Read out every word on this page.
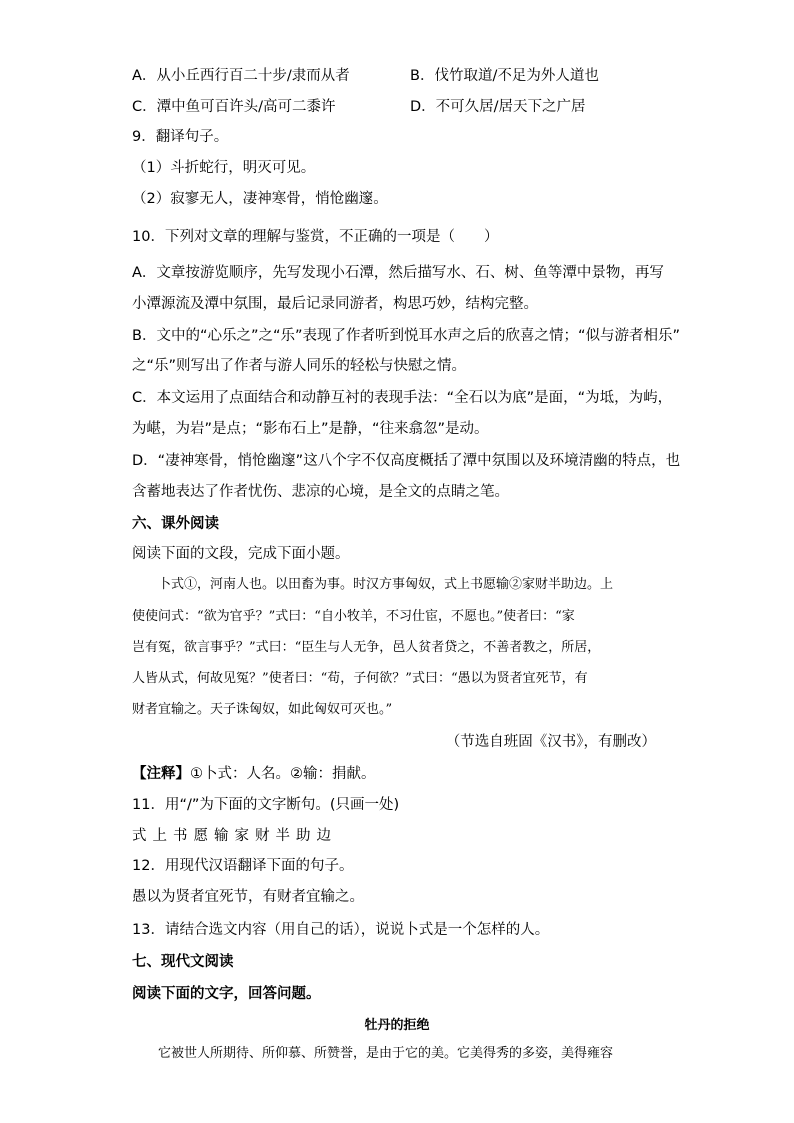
A．从小丘西行百二十步/隶而从者	B．伐竹取道/不足为外人道也
C．潭中鱼可百许头/高可二黍许	D．不可久居/居天下之广居
9．翻译句子。
（1）斗折蛇行，明灭可见。
（2）寂寥无人，凄神寒骨，悄怆幽邃。
10．下列对文章的理解与鉴赏，不正确的一项是（　　）
A．文章按游览顺序，先写发现小石潭，然后描写水、石、树、鱼等潭中景物，再写
小潭源流及潭中氛围，最后记录同游者，构思巧妙，结构完整。
B．文中的“心乐之”之“乐”表现了作者听到悦耳水声之后的欣喜之情；“似与游者相乐”
之“乐”则写出了作者与游人同乐的轻松与快慰之情。
C．本文运用了点面结合和动静互衬的表现手法：“全石以为底”是面，“为坻，为屿，
为嵁，为岩”是点；“影布石上”是静，“往来翕忽”是动。
D．“凄神寒骨，悄怆幽邃”这八个字不仅高度概括了潭中氛围以及环境清幽的特点，也
含蓄地表达了作者忧伤、悲凉的心境，是全文的点睛之笔。
六、课外阅读
阅读下面的文段，完成下面小题。
　　卜式①，河南人也。以田畜为事。时汉方事匈奴，式上书愿输②家财半助边。上
使使问式：“欲为官乎？”式曰：“自小牧羊，不习仕宦，不愿也。”使者曰：“家
岂有冤，欲言事乎？”式曰：“臣生与人无争，邑人贫者贷之，不善者教之，所居，
人皆从式，何故见冤？”使者曰：“苟，子何欲？”式曰：“愚以为贤者宜死节，有
财者宜输之。天子诛匈奴，如此匈奴可灭也。”
（节选自班固《汉书》，有删改）
【注释】①卜式：人名。②输：捐献。
11．用“/”为下面的文字断句。(只画一处)
式上书愿输家财半助边
12．用现代汉语翻译下面的句子。
愚以为贤者宜死节，有财者宜输之。
13．请结合选文内容（用自己的话），说说卜式是一个怎样的人。
七、现代文阅读
阅读下面的文字，回答问题。
牡丹的拒绝
　　它被世人所期待、所仰慕、所赞誉，是由于它的美。它美得秀的多姿，美得雍容
